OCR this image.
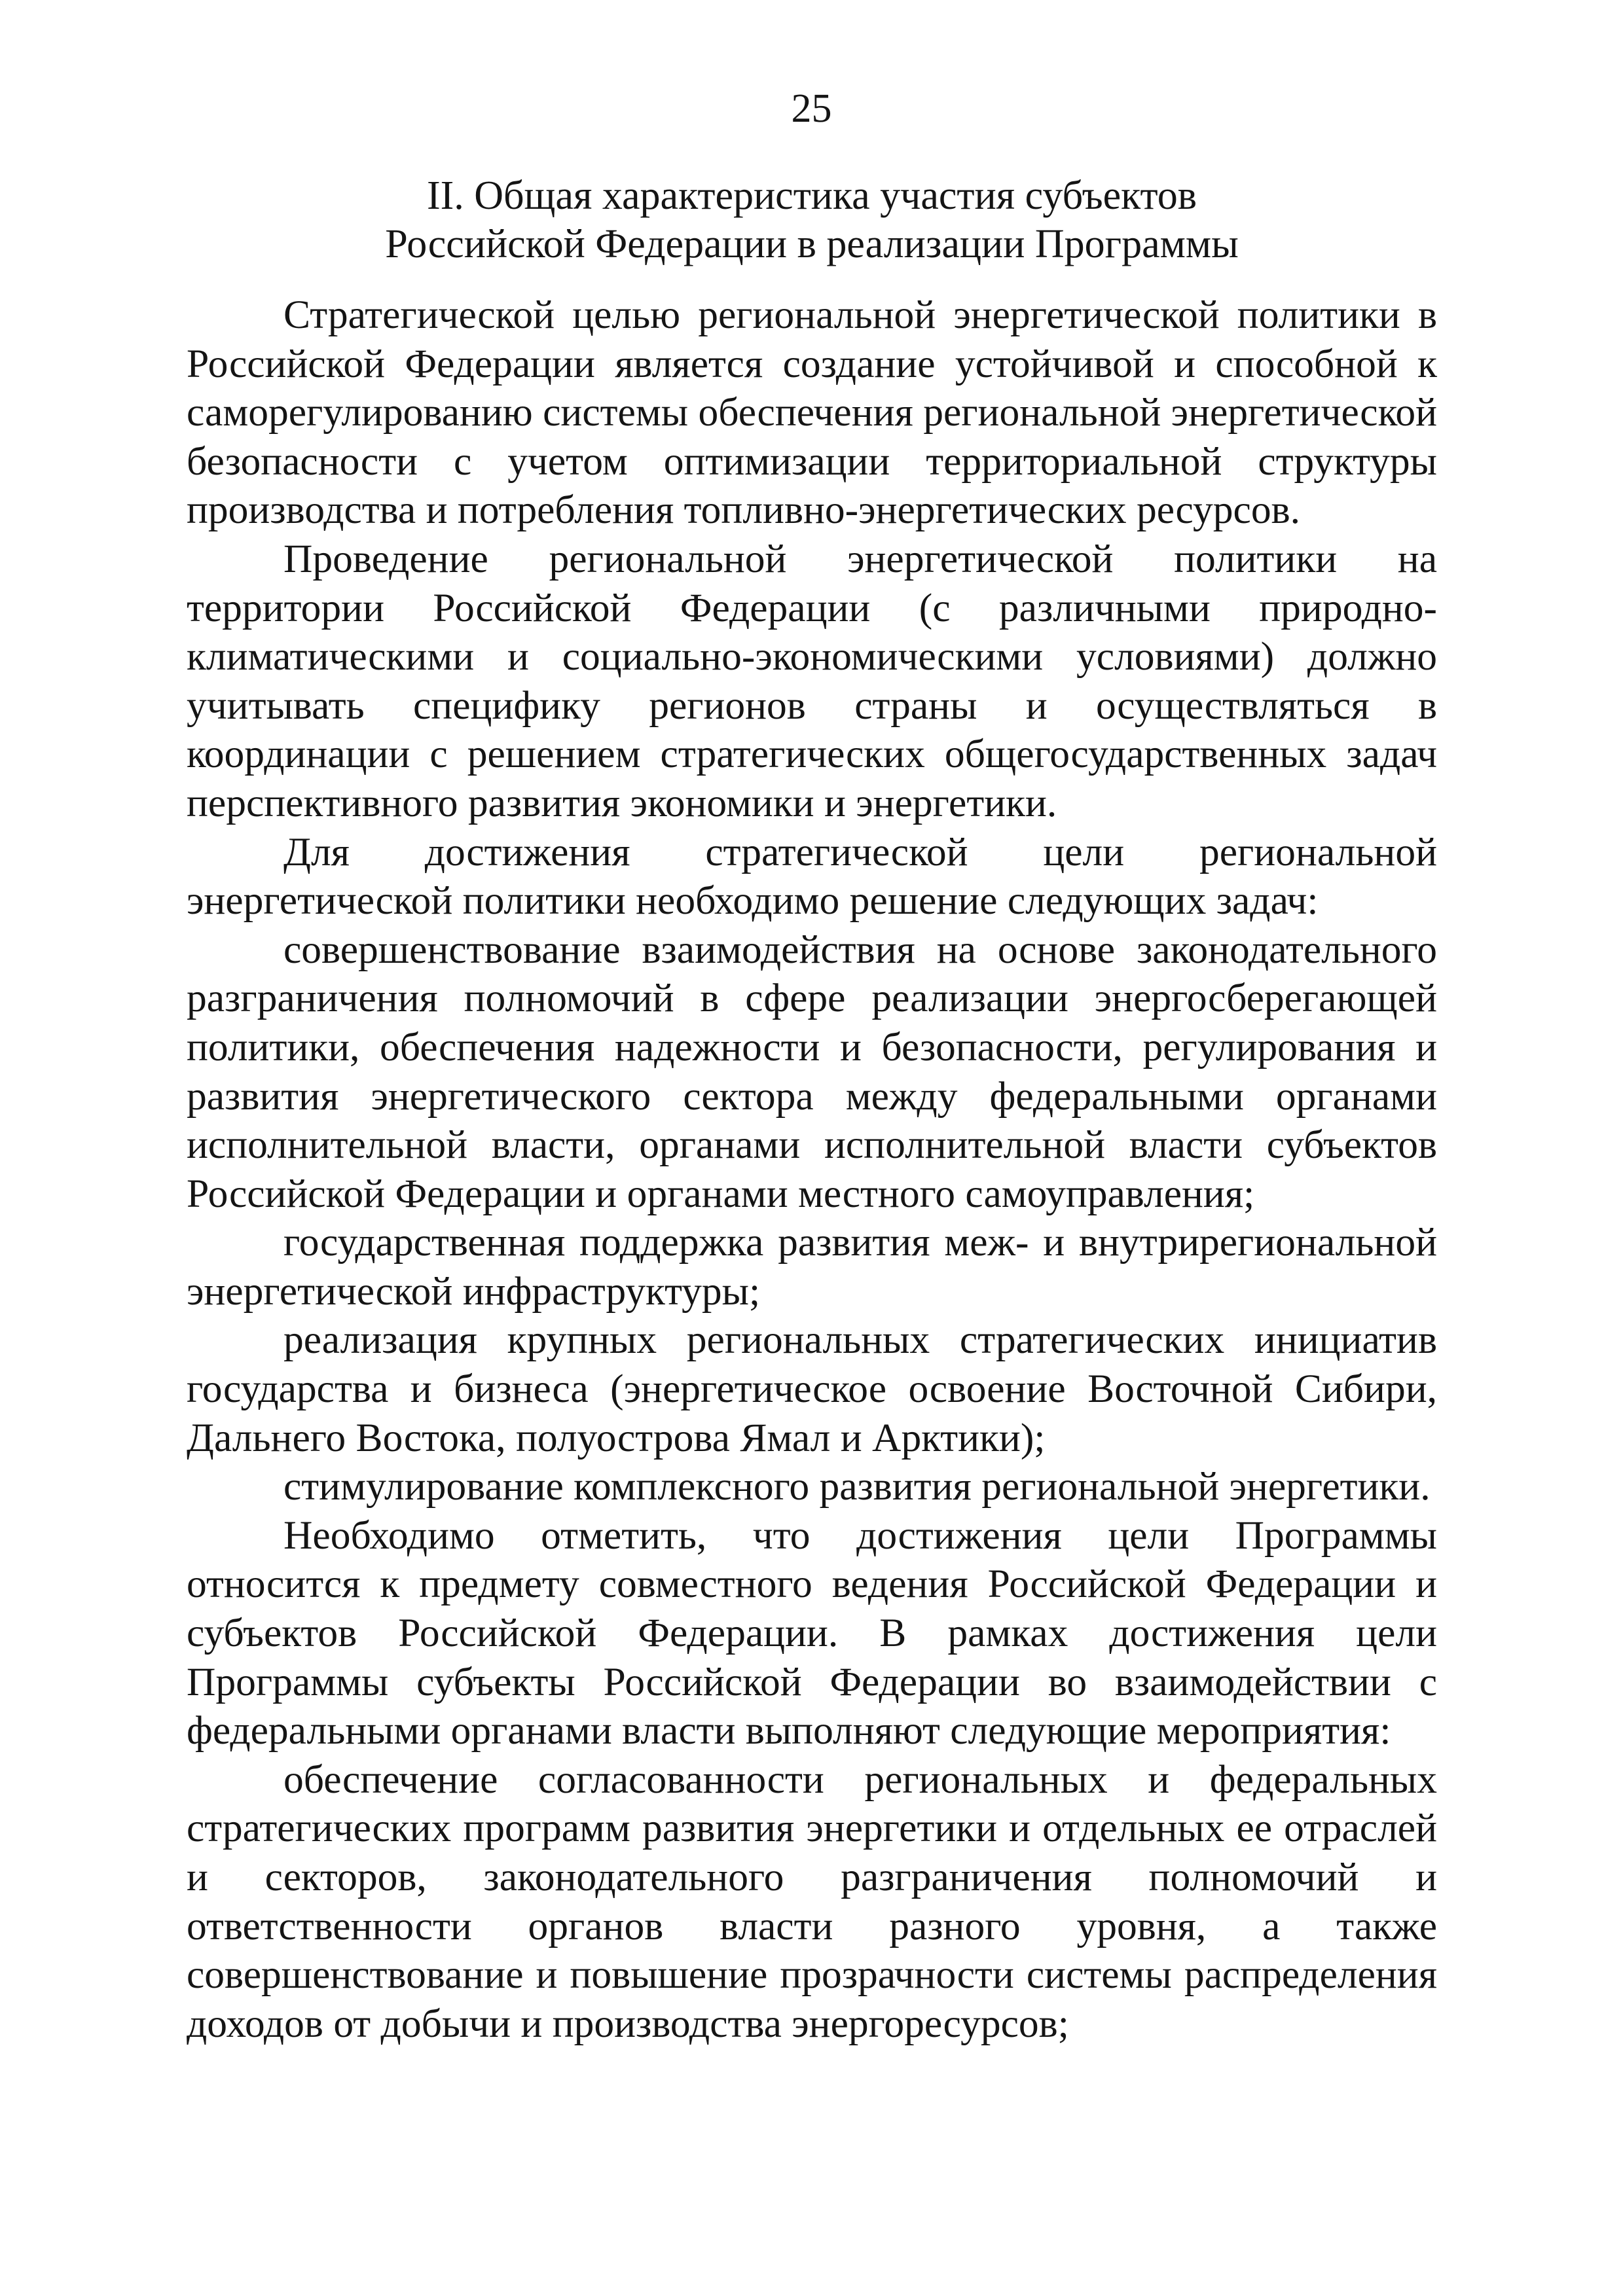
25
II. Общая характеристика участия субъектов
Российской Федерации в реализации Программы

Стратегической целью региональной энергетической политики в Российской Федерации является создание устойчивой и способной к саморегулированию системы обеспечения региональной энергетической безопасности с учетом оптимизации территориальной структуры производства и потребления топливно-энергетических ресурсов.

Проведение региональной энергетической политики на территории Российской Федерации (с различными природно-климатическими и социально-экономическими условиями) должно учитывать специфику регионов страны и осуществляться в координации с решением стратегических общегосударственных задач перспективного развития экономики и энергетики.

Для достижения стратегической цели региональной энергетической политики необходимо решение следующих задач:

совершенствование взаимодействия на основе законодательного разграничения полномочий в сфере реализации энергосберегающей политики, обеспечения надежности и безопасности, регулирования и развития энергетического сектора между федеральными органами исполнительной власти, органами исполнительной власти субъектов Российской Федерации и органами местного самоуправления;

государственная поддержка развития меж- и внутрирегиональной энергетической инфраструктуры;

реализация крупных региональных стратегических инициатив государства и бизнеса (энергетическое освоение Восточной Сибири, Дальнего Востока, полуострова Ямал и Арктики);

стимулирование комплексного развития региональной энергетики.

Необходимо отметить, что достижения цели Программы относится к предмету совместного ведения Российской Федерации и субъектов Российской Федерации. В рамках достижения цели Программы субъекты Российской Федерации во взаимодействии с федеральными органами власти выполняют следующие мероприятия:

обеспечение согласованности региональных и федеральных стратегических программ развития энергетики и отдельных ее отраслей и секторов, законодательного разграничения полномочий и ответственности органов власти разного уровня, а также совершенствование и повышение прозрачности системы распределения доходов от добычи и производства энергоресурсов;
